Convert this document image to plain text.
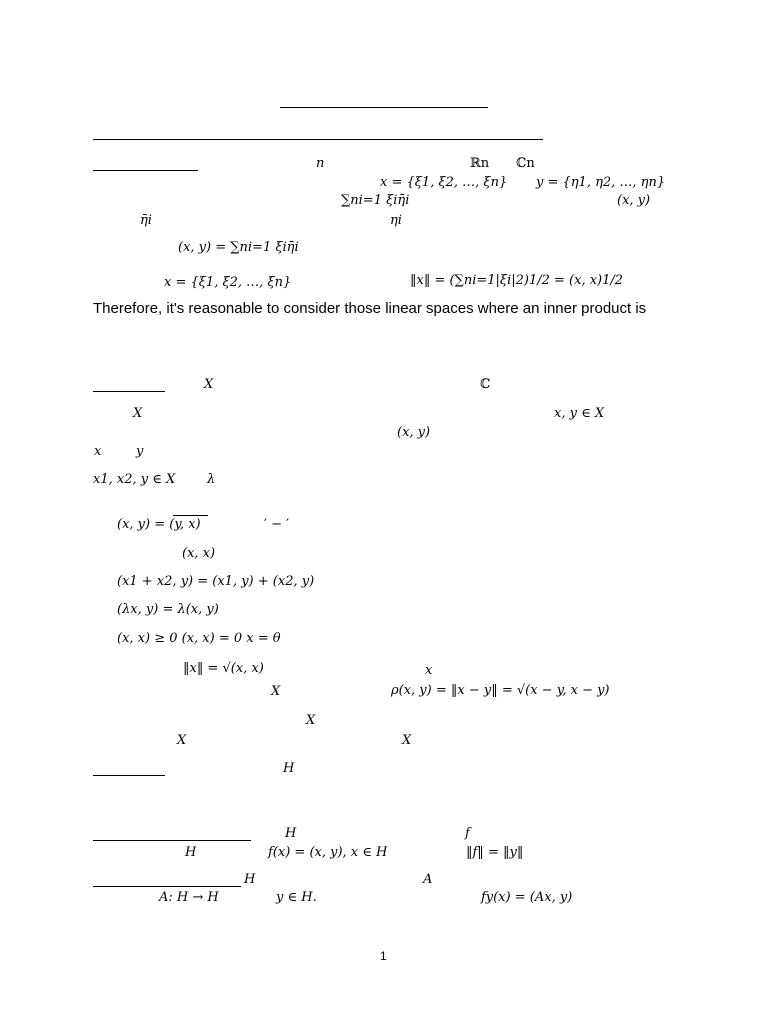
n	ℝn ℂn
x = {ξ1, ξ2, …, ξn} y = {η1, η2, …, ηn}
∑ni=1 ξiη̄i	(x, y)
η̄i	ηi
(x, y) = ∑ni=1 ξiη̄i
x = {ξ1, ξ2, …, ξn}	‖x‖ = (∑ni=1|ξi|2)1/2 = (x, x)1/2
Therefore, it's reasonable to consider those linear spaces where an inner product is
X	ℂ
X	x, y ∈ X
(x, y)
x	y
x1, x2, y ∈ X λ
(x, y) = (y, x)	′ − ′
(x, x)
(x1 + x2, y) = (x1, y) + (x2, y)
(λx, y) = λ(x, y)
(x, x) ≥ 0 (x, x) = 0 x = θ
‖x‖ = √(x, x)	x
X	ρ(x, y) = ‖x − y‖ = √(x − y, x − y)
X
X	X
H
H	f
H	f(x) = (x, y), x ∈ H	‖f‖ = ‖y‖
H	A
A: H → H	y ∈ H.	fy(x) = (Ax, y)
1
